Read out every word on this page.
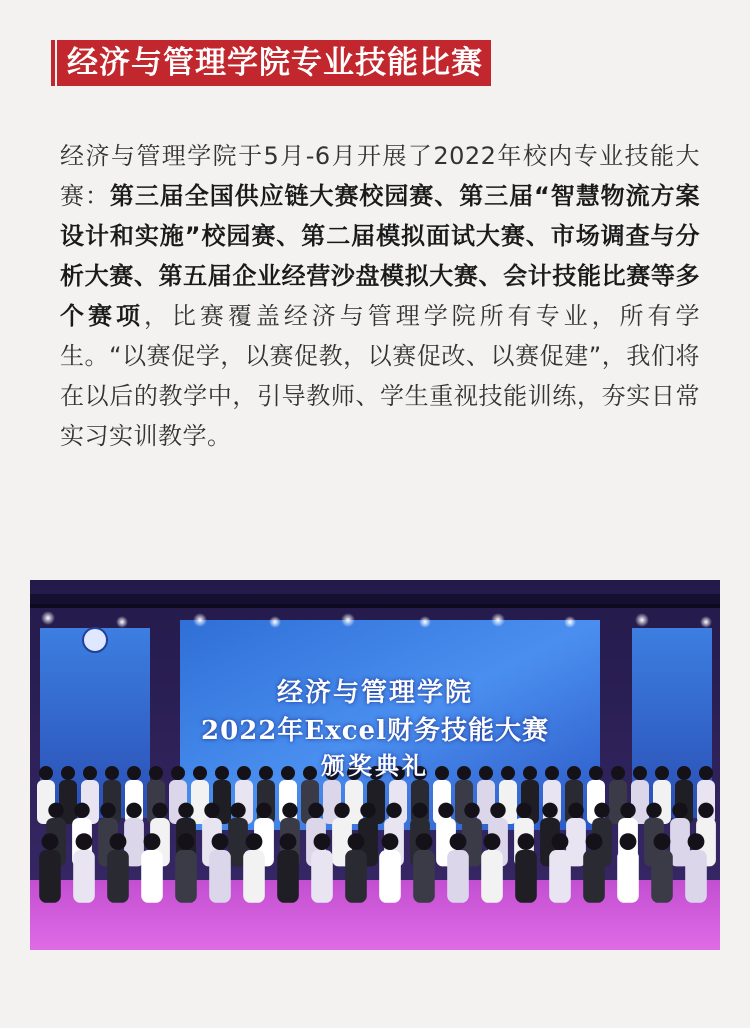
经济与管理学院专业技能比赛
经济与管理学院于5月-6月开展了2022年校内专业技能大赛：第三届全国供应链大赛校园赛、第三届“智慧物流方案设计和实施”校园赛、第二届模拟面试大赛、市场调查与分析大赛、第五届企业经营沙盘模拟大赛、会计技能比赛等多个赛项，比赛覆盖经济与管理学院所有专业，所有学生。“以赛促学，以赛促教，以赛促改、以赛促建”，我们将在以后的教学中，引导教师、学生重视技能训练，夯实日常实习实训教学。
经济与管理学院
2022年Excel财务技能大赛
颁奖典礼
